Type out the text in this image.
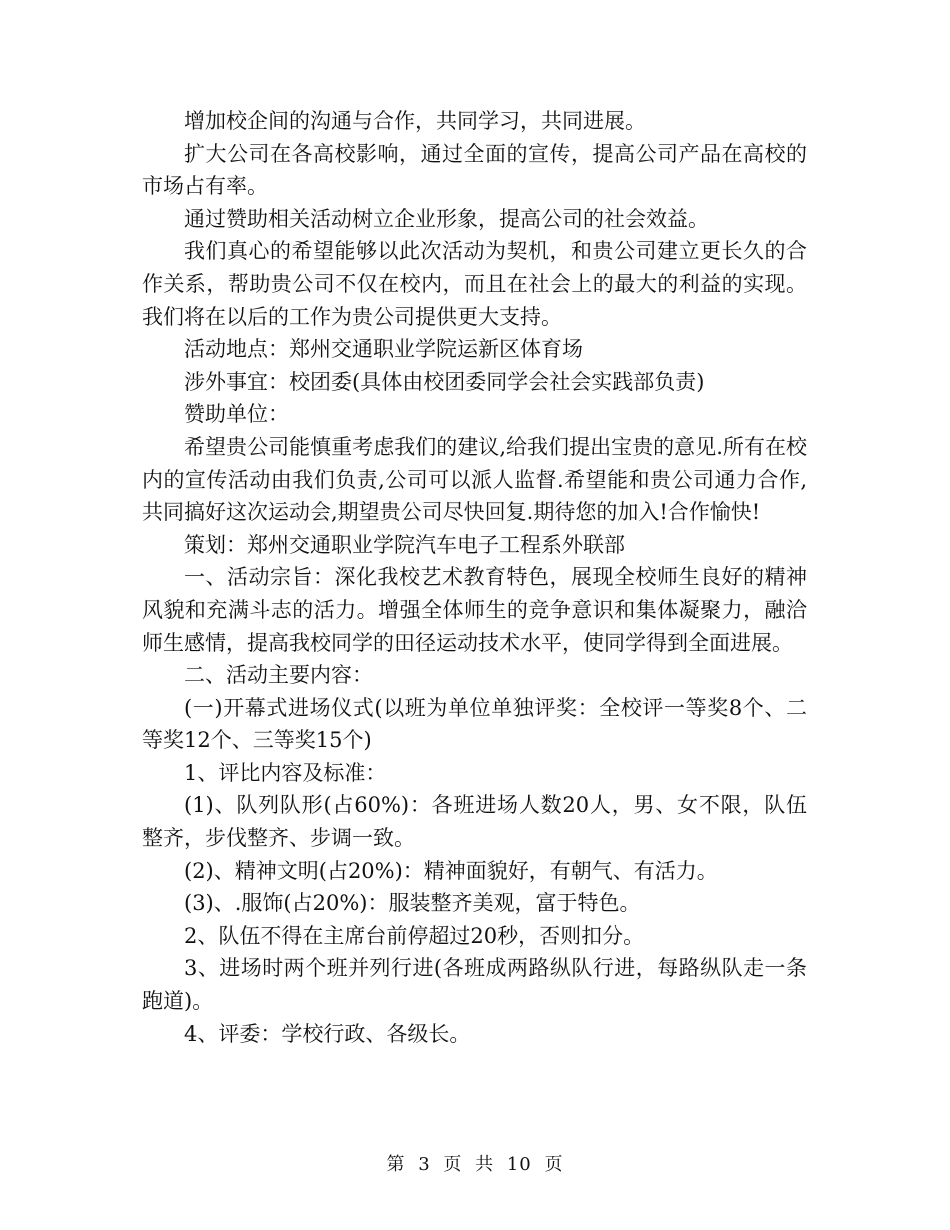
增加校企间的沟通与合作，共同学习，共同进展。

扩大公司在各高校影响，通过全面的宣传，提高公司产品在高校的市场占有率。

通过赞助相关活动树立企业形象，提高公司的社会效益。

我们真心的希望能够以此次活动为契机，和贵公司建立更长久的合作关系，帮助贵公司不仅在校内，而且在社会上的最大的利益的实现。我们将在以后的工作为贵公司提供更大支持。

活动地点：郑州交通职业学院运新区体育场

涉外事宜：校团委(具体由校团委同学会社会实践部负责)

赞助单位：

希望贵公司能慎重考虑我们的建议,给我们提出宝贵的意见.所有在校内的宣传活动由我们负责,公司可以派人监督.希望能和贵公司通力合作,共同搞好这次运动会,期望贵公司尽快回复.期待您的加入!合作愉快!

策划：郑州交通职业学院汽车电子工程系外联部

一、活动宗旨：深化我校艺术教育特色，展现全校师生良好的精神风貌和充满斗志的活力。增强全体师生的竞争意识和集体凝聚力，融洽师生感情，提高我校同学的田径运动技术水平，使同学得到全面进展。

二、活动主要内容：

(一)开幕式进场仪式(以班为单位单独评奖：全校评一等奖8个、二等奖12个、三等奖15个)

1、评比内容及标准：

(1)、队列队形(占60%)：各班进场人数20人，男、女不限，队伍整齐，步伐整齐、步调一致。

(2)、精神文明(占20%)：精神面貌好，有朝气、有活力。

(3)、.服饰(占20%)：服装整齐美观，富于特色。

2、队伍不得在主席台前停超过20秒，否则扣分。

3、进场时两个班并列行进(各班成两路纵队行进，每路纵队走一条跑道)。

4、评委：学校行政、各级长。

第 3 页 共 10 页
